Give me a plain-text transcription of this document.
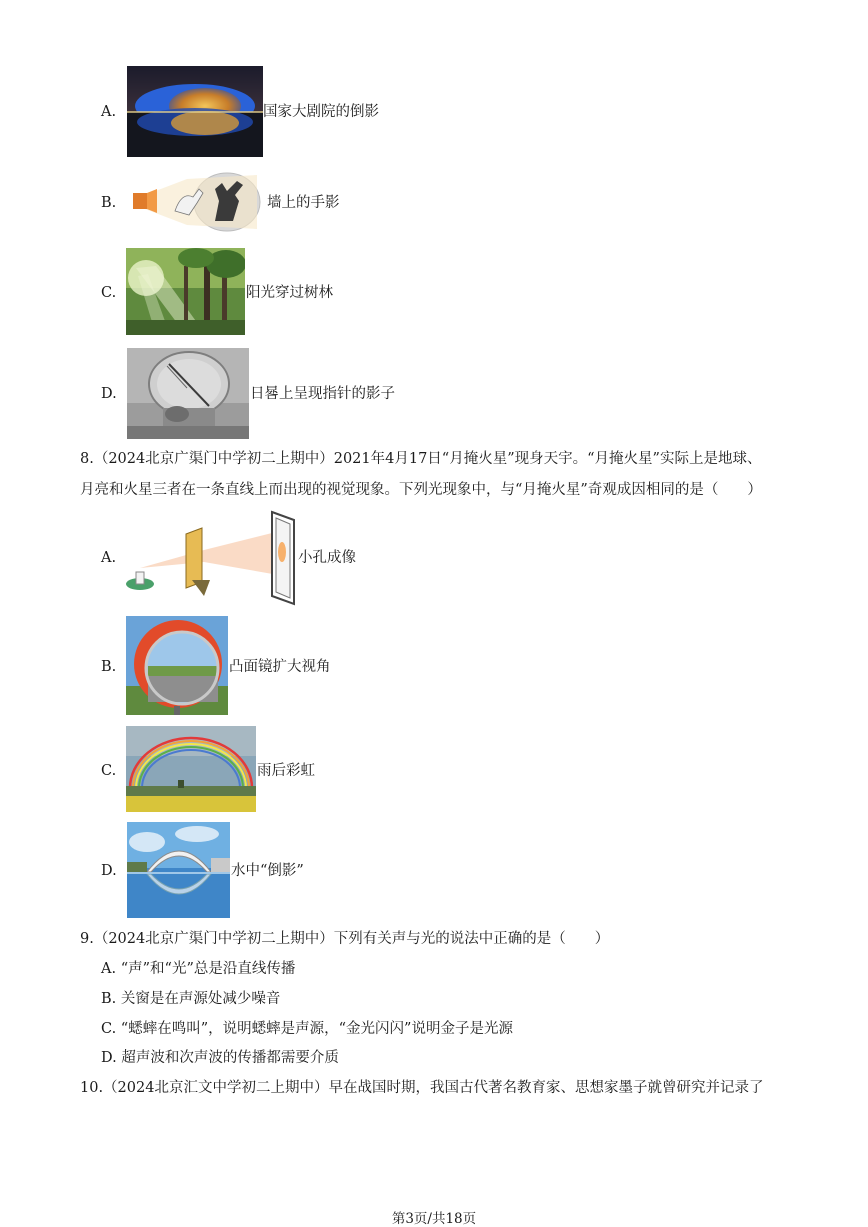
A.	国家大剧院的倒影
B.	墙上的手影
C.	阳光穿过树林
D.	日晷上呈现指针的影子
8.（2024北京广渠门中学初二上期中）2021年4月17日“月掩火星”现身天宇。“月掩火星”实际上是地球、
月亮和火星三者在一条直线上而出现的视觉现象。下列光现象中，与“月掩火星”奇观成因相同的是（　　）
A.	小孔成像
B.	凸面镜扩大视角
C.	雨后彩虹
D.	水中“倒影”
9.（2024北京广渠门中学初二上期中）下列有关声与光的说法中正确的是（　　）
A. “声”和“光”总是沿直线传播
B. 关窗是在声源处减少噪音
C. “蟋蟀在鸣叫”，说明蟋蟀是声源，“金光闪闪”说明金子是光源
D. 超声波和次声波的传播都需要介质
10.（2024北京汇文中学初二上期中）早在战国时期，我国古代著名教育家、思想家墨子就曾研究并记录了
第3页/共18页
